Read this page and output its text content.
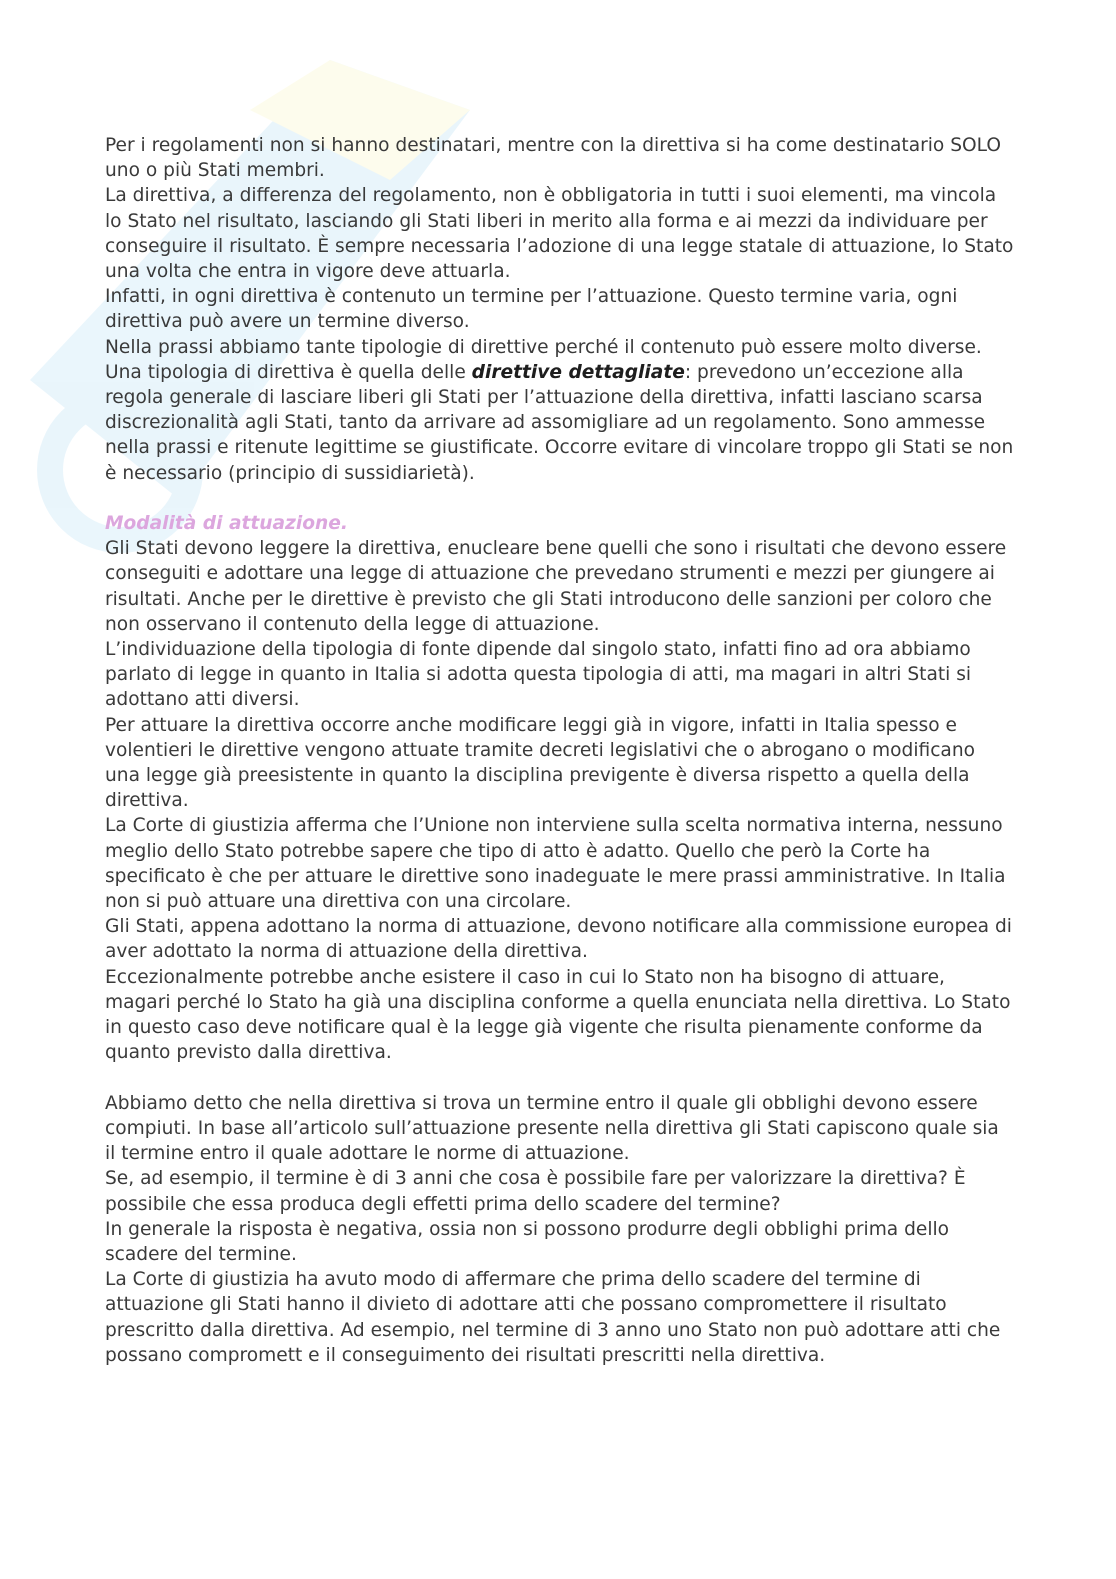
Per i regolamenti non si hanno destinatari, mentre con la direttiva si ha come destinatario SOLO uno o più Stati membri.

La direttiva, a differenza del regolamento, non è obbligatoria in tutti i suoi elementi, ma vincola lo Stato nel risultato, lasciando gli Stati liberi in merito alla forma e ai mezzi da individuare per conseguire il risultato. È sempre necessaria l’adozione di una legge statale di attuazione, lo Stato una volta che entra in vigore deve attuarla.

Infatti, in ogni direttiva è contenuto un termine per l’attuazione. Questo termine varia, ogni direttiva può avere un termine diverso.

Nella prassi abbiamo tante tipologie di direttive perché il contenuto può essere molto diverse. Una tipologia di direttiva è quella delle direttive dettagliate: prevedono un’eccezione alla regola generale di lasciare liberi gli Stati per l’attuazione della direttiva, infatti lasciano scarsa discrezionalità agli Stati, tanto da arrivare ad assomigliare ad un regolamento. Sono ammesse nella prassi e ritenute legittime se giustificate. Occorre evitare di vincolare troppo gli Stati se non è necessario (principio di sussidiarietà).

Modalità di attuazione.

Gli Stati devono leggere la direttiva, enucleare bene quelli che sono i risultati che devono essere conseguiti e adottare una legge di attuazione che prevedano strumenti e mezzi per giungere ai risultati. Anche per le direttive è previsto che gli Stati introducono delle sanzioni per coloro che non osservano il contenuto della legge di attuazione.

L’individuazione della tipologia di fonte dipende dal singolo stato, infatti fino ad ora abbiamo parlato di legge in quanto in Italia si adotta questa tipologia di atti, ma magari in altri Stati si adottano atti diversi.

Per attuare la direttiva occorre anche modificare leggi già in vigore, infatti in Italia spesso e volentieri le direttive vengono attuate tramite decreti legislativi che o abrogano o modificano una legge già preesistente in quanto la disciplina previgente è diversa rispetto a quella della direttiva.

La Corte di giustizia afferma che l’Unione non interviene sulla scelta normativa interna, nessuno meglio dello Stato potrebbe sapere che tipo di atto è adatto. Quello che però la Corte ha specificato è che per attuare le direttive sono inadeguate le mere prassi amministrative. In Italia non si può attuare una direttiva con una circolare.

Gli Stati, appena adottano la norma di attuazione, devono notificare alla commissione europea di aver adottato la norma di attuazione della direttiva.

Eccezionalmente potrebbe anche esistere il caso in cui lo Stato non ha bisogno di attuare, magari perché lo Stato ha già una disciplina conforme a quella enunciata nella direttiva. Lo Stato in questo caso deve notificare qual è la legge già vigente che risulta pienamente conforme da quanto previsto dalla direttiva.

Abbiamo detto che nella direttiva si trova un termine entro il quale gli obblighi devono essere compiuti. In base all’articolo sull’attuazione presente nella direttiva gli Stati capiscono quale sia il termine entro il quale adottare le norme di attuazione.

Se, ad esempio, il termine è di 3 anni che cosa è possibile fare per valorizzare la direttiva? È possibile che essa produca degli effetti prima dello scadere del termine?

In generale la risposta è negativa, ossia non si possono produrre degli obblighi prima dello scadere del termine.

La Corte di giustizia ha avuto modo di affermare che prima dello scadere del termine di attuazione gli Stati hanno il divieto di adottare atti che possano compromettere il risultato prescritto dalla direttiva. Ad esempio, nel termine di 3 anno uno Stato non può adottare atti che possano compromett e il conseguimento dei risultati prescritti nella direttiva.
